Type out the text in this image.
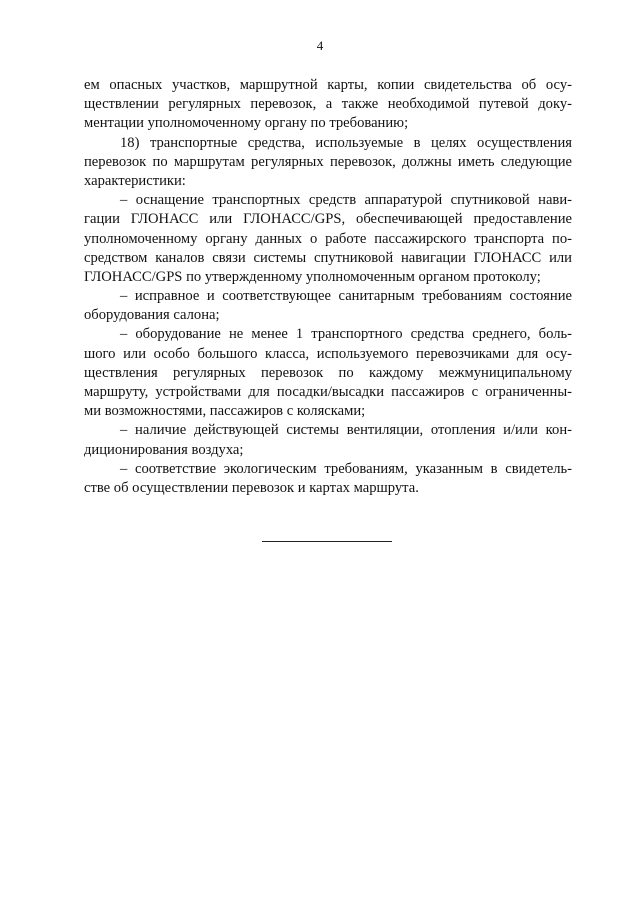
4
ем опасных участков, маршрутной карты, копии свидетельства об осу-
ществлении регулярных перевозок, а также необходимой путевой доку-
ментации уполномоченному органу по требованию;
18) транспортные средства, используемые в целях осуществления
перевозок по маршрутам регулярных перевозок, должны иметь следующие
характеристики:
– оснащение транспортных средств аппаратурой спутниковой нави-
гации ГЛОНАСС или ГЛОНАСС/GPS, обеспечивающей предоставление
уполномоченному органу данных о работе пассажирского транспорта по-
средством каналов связи системы спутниковой навигации ГЛОНАСС или
ГЛОНАСС/GPS по утвержденному уполномоченным органом протоколу;
– исправное и соответствующее санитарным требованиям состояние
оборудования салона;
– оборудование не менее 1 транспортного средства среднего, боль-
шого или особо большого класса, используемого перевозчиками для осу-
ществления регулярных перевозок по каждому межмуниципальному
маршруту, устройствами для посадки/высадки пассажиров с ограниченны-
ми возможностями, пассажиров с колясками;
– наличие действующей системы вентиляции, отопления и/или кон-
диционирования воздуха;
– соответствие экологическим требованиям, указанным в свидетель-
стве об осуществлении перевозок и картах маршрута.
